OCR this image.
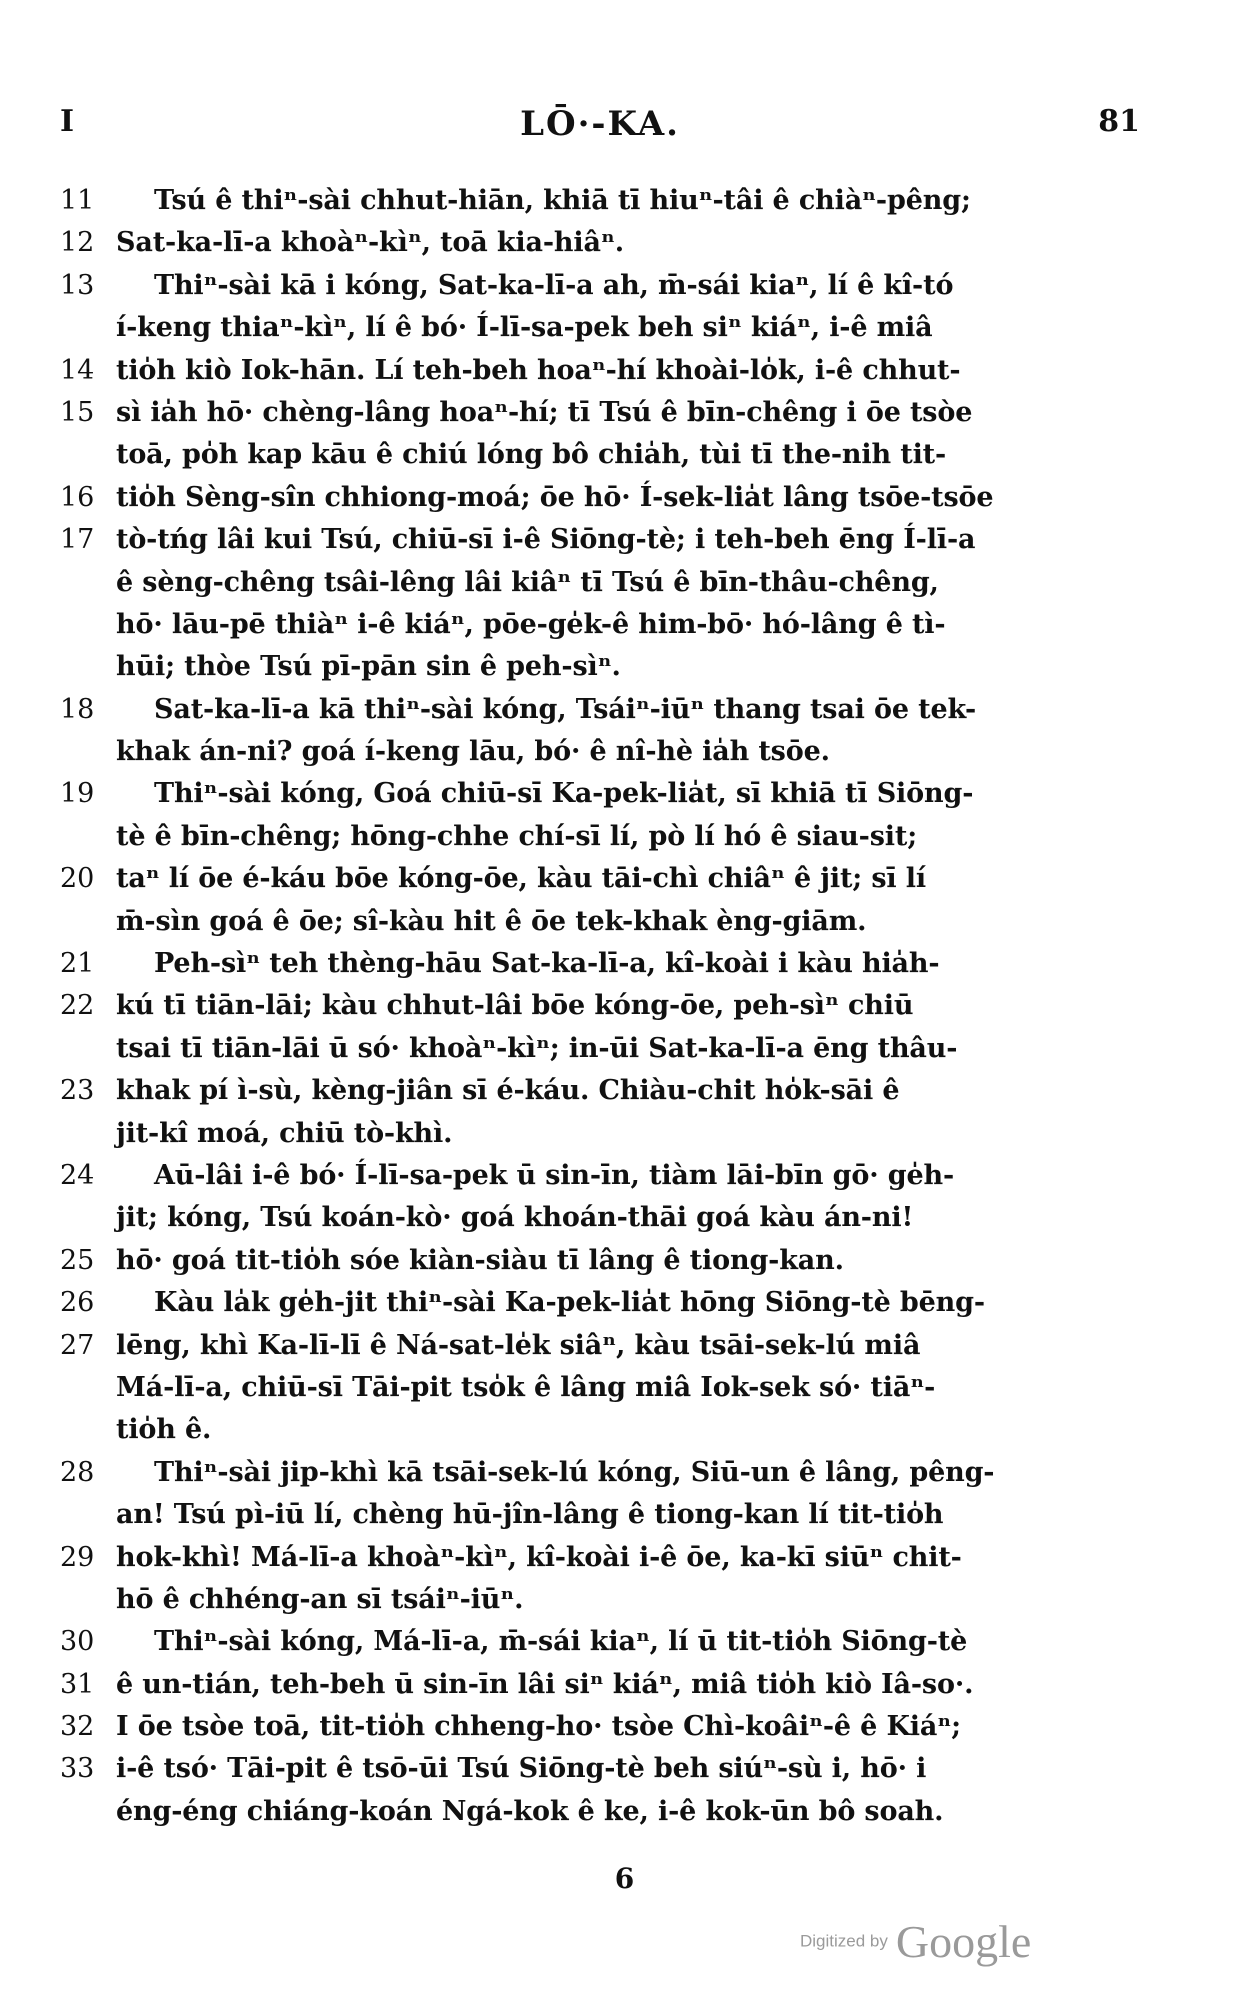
I	LŌ·-KA.	81
11	Tsú ê thiⁿ-sài chhut-hiān, khiā tī hiuⁿ-tâi ê chiàⁿ-pêng;
12 Sat-ka-lī-a khoàⁿ-kìⁿ, toā kia-hiâⁿ.
13	Thiⁿ-sài kā i kóng, Sat-ka-lī-a ah, m̄-sái kiaⁿ, lí ê kî-tó
í-keng thiaⁿ-kìⁿ, lí ê bó· Í-lī-sa-pek beh siⁿ kiáⁿ, i-ê miâ
14 tio̍h kiò Iok-hān. Lí teh-beh hoaⁿ-hí khoài-lo̍k, i-ê chhut-
15 sì ia̍h hō· chèng-lâng hoaⁿ-hí; tī Tsú ê bīn-chêng i ōe tsòe
toā, po̍h kap kāu ê chiú lóng bô chia̍h, tùi tī the-nih tit-
16 tio̍h Sèng-sîn chhiong-moá; ōe hō· Í-sek-lia̍t lâng tsōe-tsōe
17 tò-tńg lâi kui Tsú, chiū-sī i-ê Siōng-tè; i teh-beh ēng Í-lī-a
ê sèng-chêng tsâi-lêng lâi kiâⁿ tī Tsú ê bīn-thâu-chêng,
hō· lāu-pē thiàⁿ i-ê kiáⁿ, pōe-ge̍k-ê him-bō· hó-lâng ê tì-
hūi; thòe Tsú pī-pān sin ê peh-sìⁿ.
18	Sat-ka-lī-a kā thiⁿ-sài kóng, Tsáiⁿ-iūⁿ thang tsai ōe tek-
khak án-ni? goá í-keng lāu, bó· ê nî-hè ia̍h tsōe.
19	Thiⁿ-sài kóng, Goá chiū-sī Ka-pek-lia̍t, sī khiā tī Siōng-
tè ê bīn-chêng; hōng-chhe chí-sī lí, pò lí hó ê siau-sit;
20 taⁿ lí ōe é-káu bōe kóng-ōe, kàu tāi-chì chiâⁿ ê jit; sī lí
m̄-sìn goá ê ōe; sî-kàu hit ê ōe tek-khak èng-giām.
21	Peh-sìⁿ teh thèng-hāu Sat-ka-lī-a, kî-koài i kàu hia̍h-
22 kú tī tiān-lāi; kàu chhut-lâi bōe kóng-ōe, peh-sìⁿ chiū
tsai tī tiān-lāi ū só· khoàⁿ-kìⁿ; in-ūi Sat-ka-lī-a ēng thâu-
23 khak pí ì-sù, kèng-jiân sī é-káu. Chiàu-chit ho̍k-sāi ê
jit-kî moá, chiū tò-khì.
24	Aū-lâi i-ê bó· Í-lī-sa-pek ū sin-īn, tiàm lāi-bīn gō· ge̍h-
jit; kóng, Tsú koán-kò· goá khoán-thāi goá kàu án-ni!
25 hō· goá tit-tio̍h sóe kiàn-siàu tī lâng ê tiong-kan.
26	Kàu la̍k ge̍h-jit thiⁿ-sài Ka-pek-lia̍t hōng Siōng-tè bēng-
27 lēng, khì Ka-lī-lī ê Ná-sat-le̍k siâⁿ, kàu tsāi-sek-lú miâ
Má-lī-a, chiū-sī Tāi-pit tso̍k ê lâng miâ Iok-sek só· tiāⁿ-
tio̍h ê.
28	Thiⁿ-sài jip-khì kā tsāi-sek-lú kóng, Siū-un ê lâng, pêng-
an! Tsú pì-iū lí, chèng hū-jîn-lâng ê tiong-kan lí tit-tio̍h
29 hok-khì! Má-lī-a khoàⁿ-kìⁿ, kî-koài i-ê ōe, ka-kī siūⁿ chit-
hō ê chhéng-an sī tsáiⁿ-iūⁿ.
30	Thiⁿ-sài kóng, Má-lī-a, m̄-sái kiaⁿ, lí ū tit-tio̍h Siōng-tè
31 ê un-tián, teh-beh ū sin-īn lâi siⁿ kiáⁿ, miâ tio̍h kiò Iâ-so·.
32 I ōe tsòe toā, tit-tio̍h chheng-ho· tsòe Chì-koâiⁿ-ê ê Kiáⁿ;
33 i-ê tsó· Tāi-pit ê tsō-ūi Tsú Siōng-tè beh siúⁿ-sù i, hō· i
éng-éng chiáng-koán Ngá-kok ê ke, i-ê kok-ūn bô soah.
6
Digitized by Google
